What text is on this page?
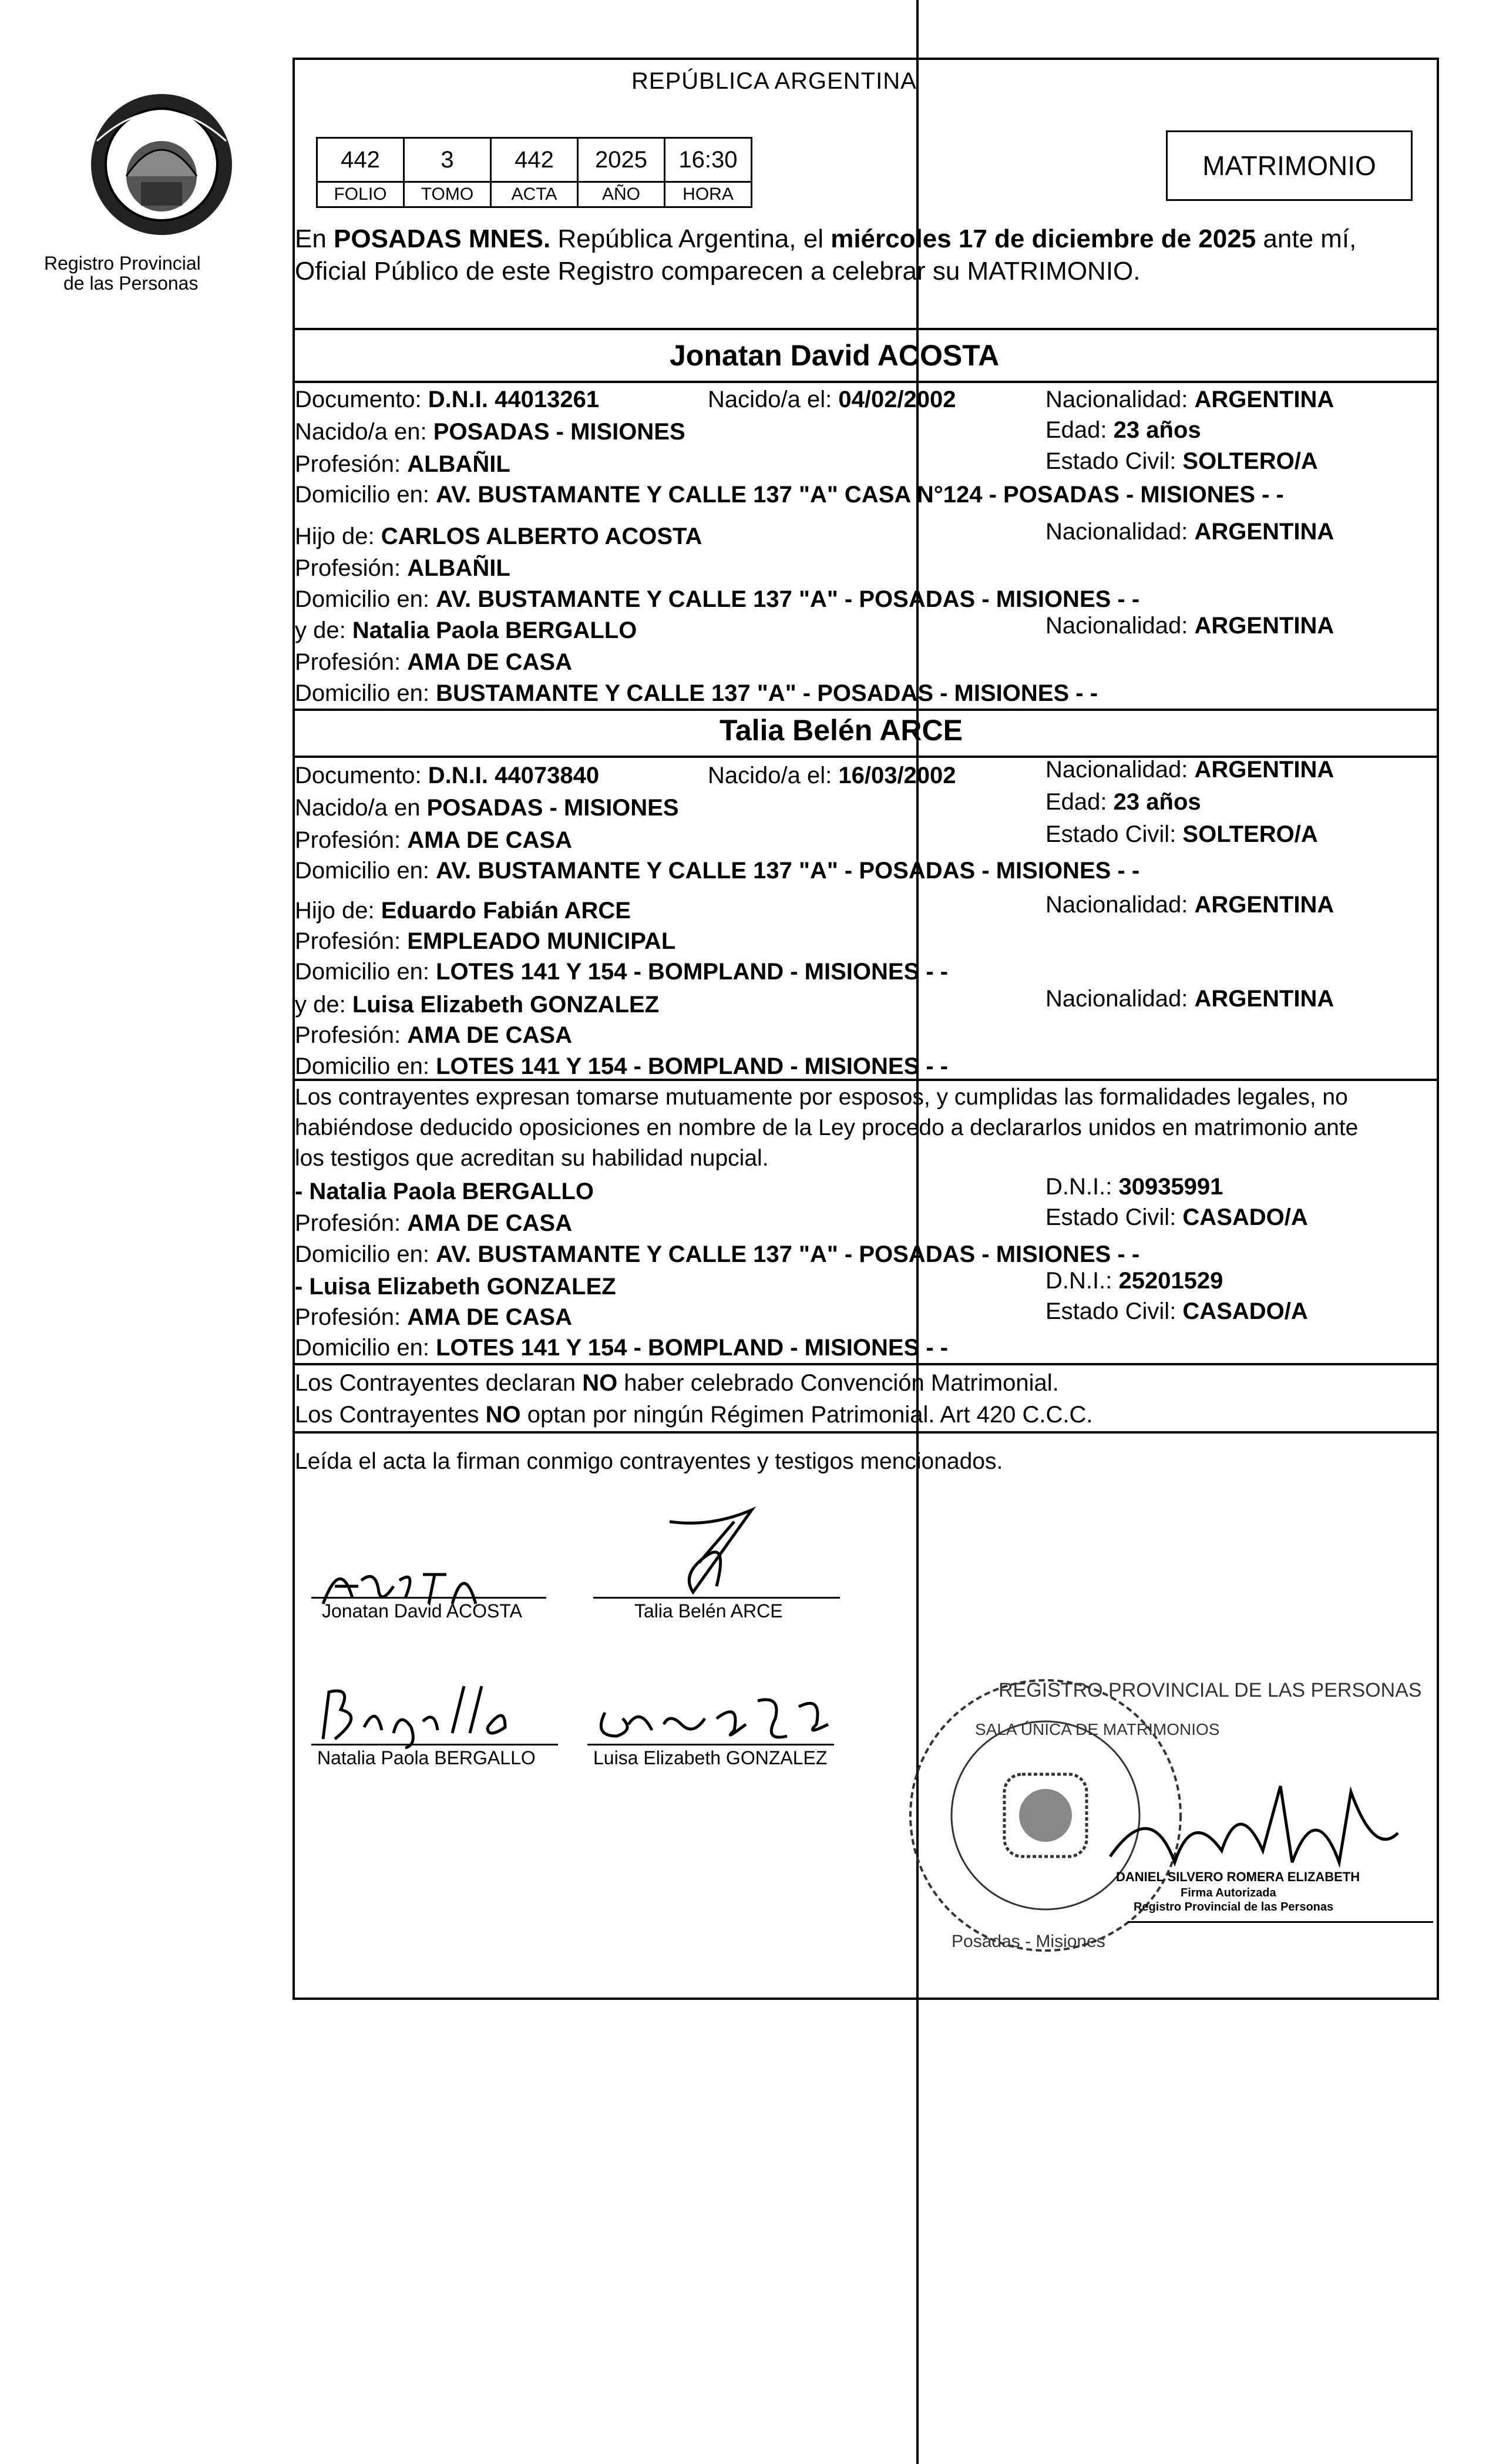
Registro Provincial
de las Personas
REPÚBLICA ARGENTINA
442	3	442	2025	16:30
FOLIO	TOMO	ACTA	AÑO	HORA
MATRIMONIO
En POSADAS MNES. República Argentina, el miércoles 17 de diciembre de 2025 ante mí,
Oficial Público de este Registro comparecen a celebrar su MATRIMONIO.
Jonatan David ACOSTA
Documento: D.N.I. 44013261	Nacido/a el: 04/02/2002	Nacionalidad: ARGENTINA
Nacido/a en: POSADAS - MISIONES	Edad: 23 años
Profesión: ALBAÑIL	Estado Civil: SOLTERO/A
Domicilio en: AV. BUSTAMANTE Y CALLE 137 "A" CASA N°124 - POSADAS - MISIONES - -
Hijo de: CARLOS ALBERTO ACOSTA	Nacionalidad: ARGENTINA
Profesión: ALBAÑIL
Domicilio en: AV. BUSTAMANTE Y CALLE 137 "A" - POSADAS - MISIONES - -
y de: Natalia Paola BERGALLO	Nacionalidad: ARGENTINA
Profesión: AMA DE CASA
Domicilio en: BUSTAMANTE Y CALLE 137 "A" - POSADAS - MISIONES - -
Talia Belén ARCE
Documento: D.N.I. 44073840	Nacido/a el: 16/03/2002	Nacionalidad: ARGENTINA
Nacido/a en POSADAS - MISIONES	Edad: 23 años
Profesión: AMA DE CASA	Estado Civil: SOLTERO/A
Domicilio en: AV. BUSTAMANTE Y CALLE 137 "A" - POSADAS - MISIONES - -
Hijo de: Eduardo Fabián ARCE	Nacionalidad: ARGENTINA
Profesión: EMPLEADO MUNICIPAL
Domicilio en: LOTES 141 Y 154 - BOMPLAND - MISIONES - -
y de: Luisa Elizabeth GONZALEZ	Nacionalidad: ARGENTINA
Profesión: AMA DE CASA
Domicilio en: LOTES 141 Y 154 - BOMPLAND - MISIONES - -
Los contrayentes expresan tomarse mutuamente por esposos, y cumplidas las formalidades legales, no
habiéndose deducido oposiciones en nombre de la Ley procedo a declararlos unidos en matrimonio ante
los testigos que acreditan su habilidad nupcial.
- Natalia Paola BERGALLO	D.N.I.: 30935991
Profesión: AMA DE CASA	Estado Civil: CASADO/A
Domicilio en: AV. BUSTAMANTE Y CALLE 137 "A" - POSADAS - MISIONES - -
- Luisa Elizabeth GONZALEZ	D.N.I.: 25201529
Profesión: AMA DE CASA	Estado Civil: CASADO/A
Domicilio en: LOTES 141 Y 154 - BOMPLAND - MISIONES - -
Los Contrayentes declaran NO haber celebrado Convención Matrimonial.
Los Contrayentes NO optan por ningún Régimen Patrimonial. Art 420 C.C.C.
Leída el acta la firman conmigo contrayentes y testigos mencionados.
Jonatan David ACOSTA	Talia Belén ARCE
Natalia Paola BERGALLO	Luisa Elizabeth GONZALEZ
REGISTRO PROVINCIAL DE LAS PERSONAS
SALA ÚNICA DE MATRIMONIOS
Posadas - Misiones
DANIEL SILVERO ROMERA ELIZABETH
Firma Autorizada
Registro Provincial de las Personas
